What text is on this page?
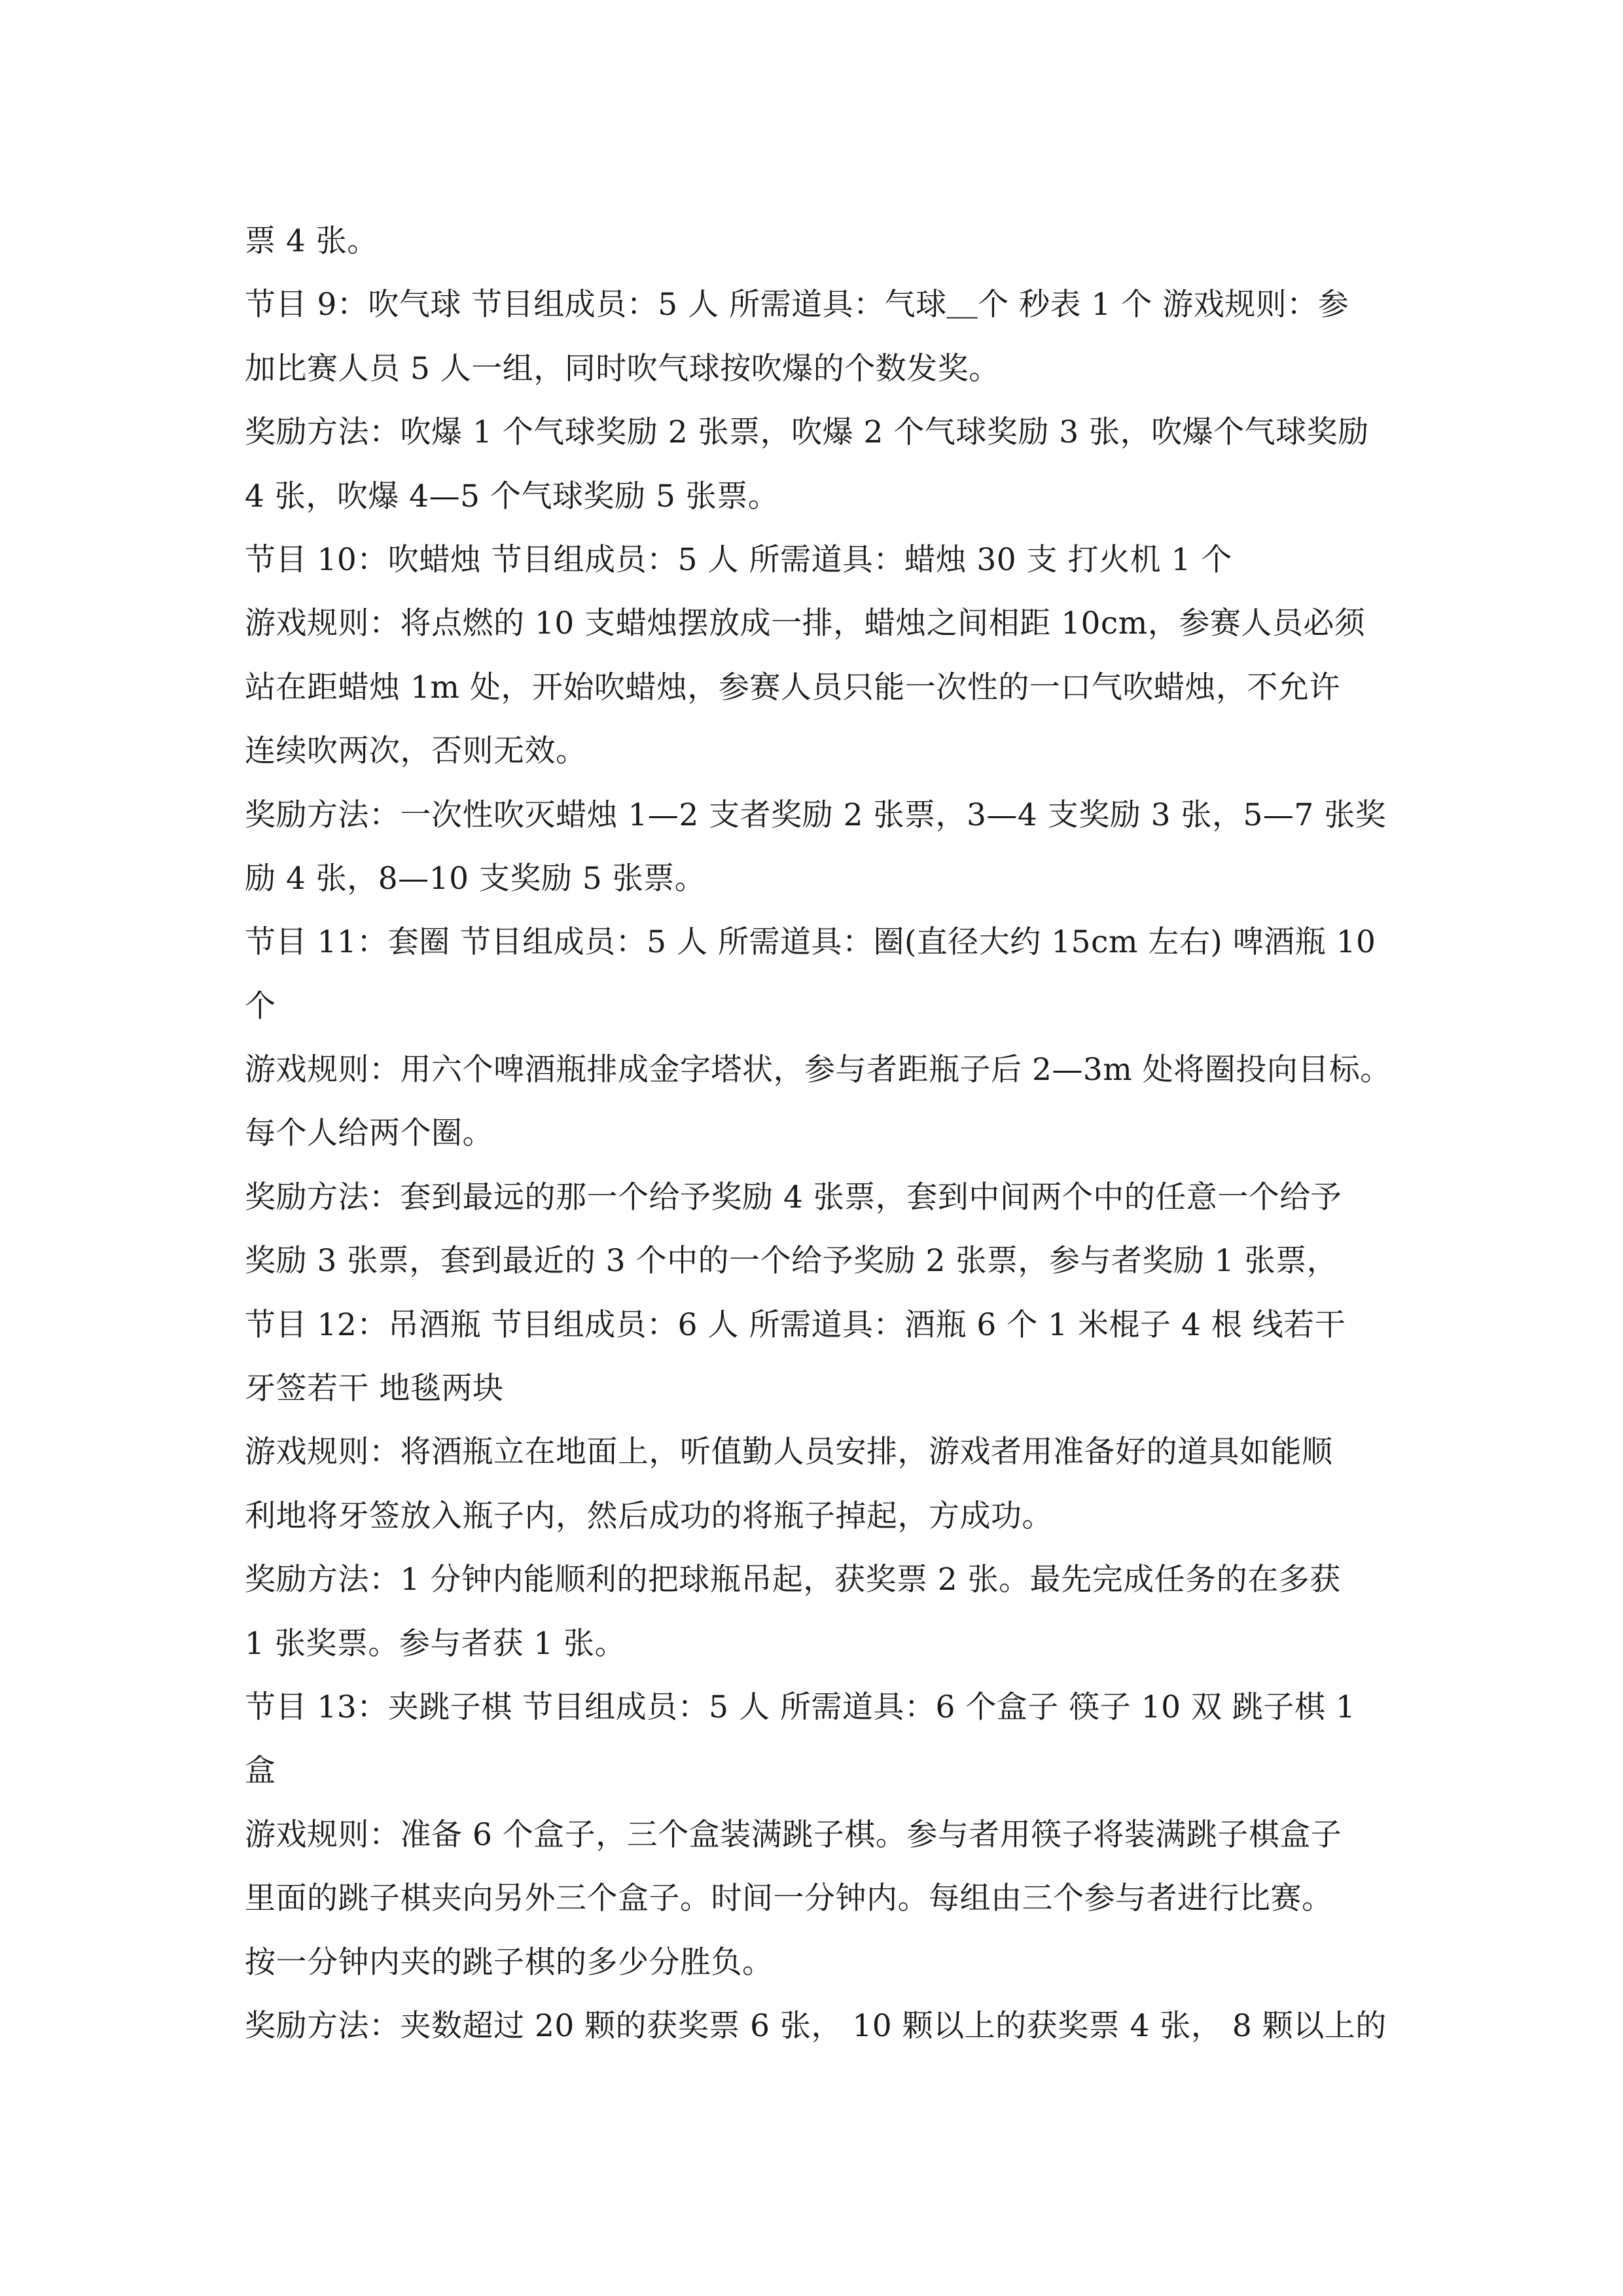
票 4 张。
节目 9：吹气球 节目组成员：5 人 所需道具：气球＿个 秒表 1 个 游戏规则：参
加比赛人员 5 人一组，同时吹气球按吹爆的个数发奖。
奖励方法：吹爆 1 个气球奖励 2 张票，吹爆 2 个气球奖励 3 张，吹爆个气球奖励
4 张，吹爆 4—5 个气球奖励 5 张票。
节目 10：吹蜡烛 节目组成员：5 人 所需道具：蜡烛 30 支 打火机 1 个
游戏规则：将点燃的 10 支蜡烛摆放成一排，蜡烛之间相距 10cm，参赛人员必须
站在距蜡烛 1m 处，开始吹蜡烛，参赛人员只能一次性的一口气吹蜡烛，不允许
连续吹两次，否则无效。
奖励方法：一次性吹灭蜡烛 1—2 支者奖励 2 张票，3—4 支奖励 3 张，5—7 张奖
励 4 张，8—10 支奖励 5 张票。
节目 11：套圈 节目组成员：5 人 所需道具：圈(直径大约 15cm 左右) 啤酒瓶 10
个
游戏规则：用六个啤酒瓶排成金字塔状，参与者距瓶子后 2—3m 处将圈投向目标。
每个人给两个圈。
奖励方法：套到最远的那一个给予奖励 4 张票，套到中间两个中的任意一个给予
奖励 3 张票，套到最近的 3 个中的一个给予奖励 2 张票，参与者奖励 1 张票，
节目 12：吊酒瓶 节目组成员：6 人 所需道具：酒瓶 6 个 1 米棍子 4 根 线若干
牙签若干 地毯两块
游戏规则：将酒瓶立在地面上，听值勤人员安排，游戏者用准备好的道具如能顺
利地将牙签放入瓶子内，然后成功的将瓶子掉起，方成功。
奖励方法：1 分钟内能顺利的把球瓶吊起，获奖票 2 张。最先完成任务的在多获
1 张奖票。参与者获 1 张。
节目 13：夹跳子棋 节目组成员：5 人 所需道具：6 个盒子 筷子 10 双 跳子棋 1
盒
游戏规则：准备 6 个盒子，三个盒装满跳子棋。参与者用筷子将装满跳子棋盒子
里面的跳子棋夹向另外三个盒子。时间一分钟内。每组由三个参与者进行比赛。
按一分钟内夹的跳子棋的多少分胜负。
奖励方法：夹数超过 20 颗的获奖票 6 张， 10 颗以上的获奖票 4 张， 8 颗以上的
